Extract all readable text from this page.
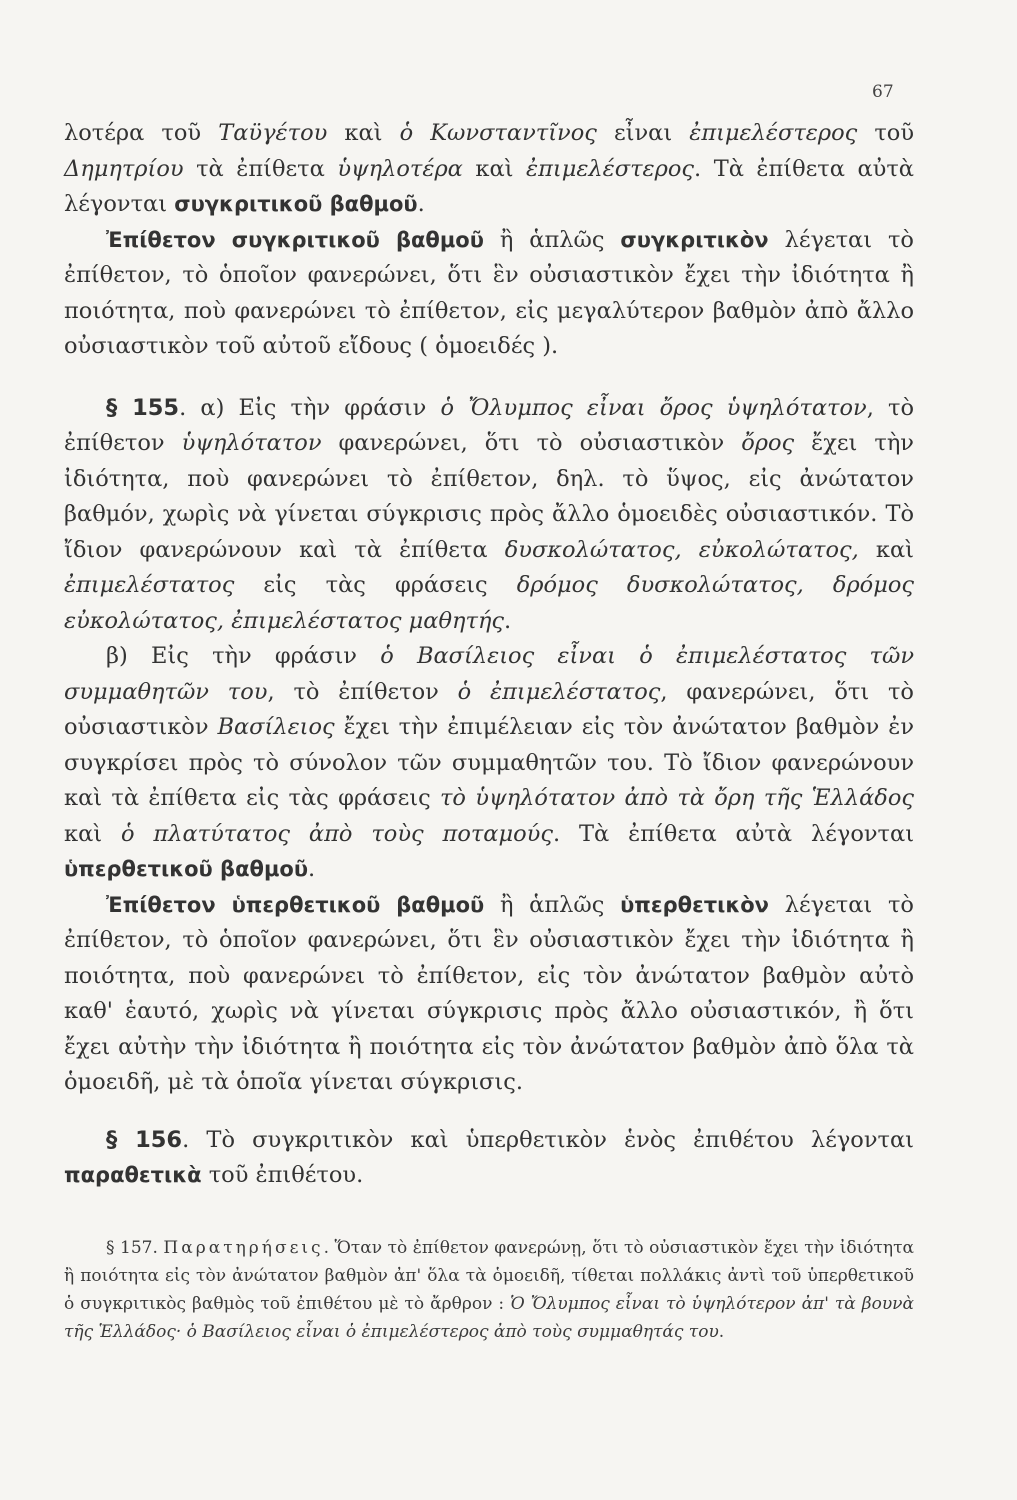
67

λοτέρα τοῦ Ταϋγέτου καὶ ὁ Κωνσταντῖνος εἶναι ἐπιμελέστερος τοῦ Δημητρίου τὰ ἐπίθετα ὑψηλοτέρα καὶ ἐπιμελέστερος. Τὰ ἐπίθετα αὐτὰ λέγονται συγκριτικοῦ βαθμοῦ.

Ἐπίθετον συγκριτικοῦ βαθμοῦ ἢ ἁπλῶς συγκριτικὸν λέγεται τὸ ἐπίθετον, τὸ ὁποῖον φανερώνει, ὅτι ἓν οὐσιαστικὸν ἔχει τὴν ἰδιότητα ἢ ποιότητα, ποὺ φανερώνει τὸ ἐπίθετον, εἰς μεγαλύτερον βαθμὸν ἀπὸ ἄλλο οὐσιαστικὸν τοῦ αὐτοῦ εἴδους ( ὁμοειδές ).

§ 155. α) Εἰς τὴν φράσιν ὁ Ὄλυμπος εἶναι ὄρος ὑψηλότατον, τὸ ἐπίθετον ὑψηλότατον φανερώνει, ὅτι τὸ οὐσιαστικὸν ὄρος ἔχει τὴν ἰδιότητα, ποὺ φανερώνει τὸ ἐπίθετον, δηλ. τὸ ὕψος, εἰς ἀνώτατον βαθμόν, χωρὶς νὰ γίνεται σύγκρισις πρὸς ἄλλο ὁμοειδὲς οὐσιαστικόν. Τὸ ἴδιον φανερώνουν καὶ τὰ ἐπίθετα δυσκολώτατος, εὐκολώτατος, καὶ ἐπιμελέστατος εἰς τὰς φράσεις δρόμος δυσκολώτατος, δρόμος εὐκολώτατος, ἐπιμελέστατος μαθητής.

β) Εἰς τὴν φράσιν ὁ Βασίλειος εἶναι ὁ ἐπιμελέστατος τῶν συμμαθητῶν του, τὸ ἐπίθετον ὁ ἐπιμελέστατος, φανερώνει, ὅτι τὸ οὐσιαστικὸν Βασίλειος ἔχει τὴν ἐπιμέλειαν εἰς τὸν ἀνώτατον βαθμὸν ἐν συγκρίσει πρὸς τὸ σύνολον τῶν συμμαθητῶν του. Τὸ ἴδιον φανερώνουν καὶ τὰ ἐπίθετα εἰς τὰς φράσεις τὸ ὑψηλότατον ἀπὸ τὰ ὄρη τῆς Ἑλλάδος καὶ ὁ πλατύτατος ἀπὸ τοὺς ποταμούς. Τὰ ἐπίθετα αὐτὰ λέγονται ὑπερθετικοῦ βαθμοῦ.

Ἐπίθετον ὑπερθετικοῦ βαθμοῦ ἢ ἁπλῶς ὑπερθετικὸν λέγεται τὸ ἐπίθετον, τὸ ὁποῖον φανερώνει, ὅτι ἓν οὐσιαστικὸν ἔχει τὴν ἰδιότητα ἢ ποιότητα, ποὺ φανερώνει τὸ ἐπίθετον, εἰς τὸν ἀνώτατον βαθμὸν αὐτὸ καθ' ἑαυτό, χωρὶς νὰ γίνεται σύγκρισις πρὸς ἄλλο οὐσιαστικόν, ἢ ὅτι ἔχει αὐτὴν τὴν ἰδιότητα ἢ ποιότητα εἰς τὸν ἀνώτατον βαθμὸν ἀπὸ ὅλα τὰ ὁμοειδῆ, μὲ τὰ ὁποῖα γίνεται σύγκρισις.

§ 156. Τὸ συγκριτικὸν καὶ ὑπερθετικὸν ἑνὸς ἐπιθέτου λέγονται παραθετικὰ τοῦ ἐπιθέτου.

§ 157. Παρατηρήσεις. Ὅταν τὸ ἐπίθετον φανερώνῃ, ὅτι τὸ οὐσιαστικὸν ἔχει τὴν ἰδιότητα ἢ ποιότητα εἰς τὸν ἀνώτατον βαθμὸν ἀπ' ὅλα τὰ ὁμοειδῆ, τίθεται πολλάκις ἀντὶ τοῦ ὑπερθετικοῦ ὁ συγκριτικὸς βαθμὸς τοῦ ἐπιθέτου μὲ τὸ ἄρθρον : Ὁ Ὄλυμπος εἶναι τὸ ὑψηλότερον ἀπ' τὰ βουνὰ τῆς Ἑλλάδος· ὁ Βασίλειος εἶναι ὁ ἐπιμελέστερος ἀπὸ τοὺς συμμαθητάς του.
